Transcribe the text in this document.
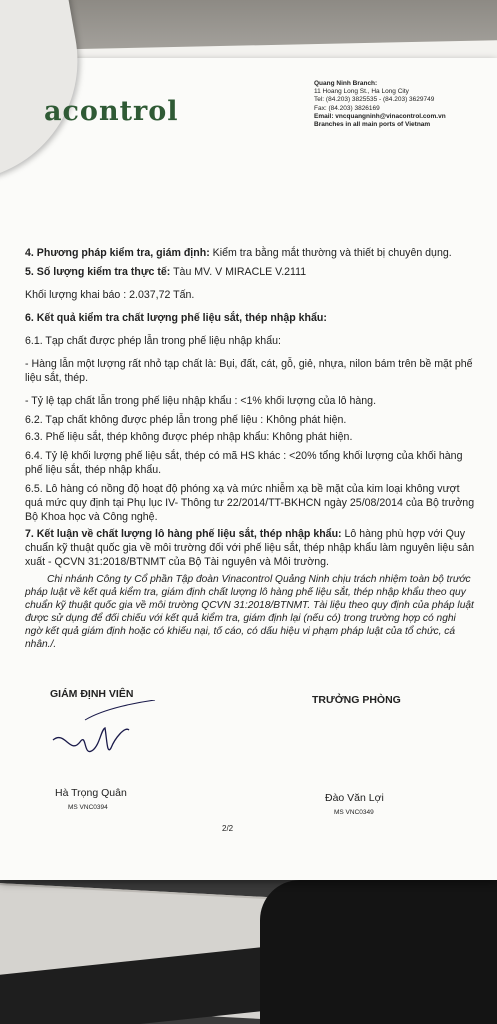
acontrol
Quang Ninh Branch:
11 Hoang Long St., Ha Long City
Tel: (84.203) 3825535 - (84.203) 3629749
Fax: (84.203) 3826169
Email: vncquangninh@vinacontrol.com.vn
Branches in all main ports of Vietnam

4. Phương pháp kiểm tra, giám định: Kiểm tra bằng mắt thường và thiết bị chuyên dụng.

5. Số lượng kiểm tra thực tế: Tàu MV. V MIRACLE V.2111

Khối lượng khai báo : 2.037,72 Tấn.

6. Kết quả kiểm tra chất lượng phế liệu sắt, thép nhập khẩu:

6.1. Tạp chất được phép lẫn trong phế liệu nhập khẩu:

- Hàng lẫn một lượng rất nhỏ tạp chất là: Bụi, đất, cát, gỗ, giẻ, nhựa, nilon bám trên bề mặt phế liệu sắt, thép.

- Tỷ lệ tạp chất lẫn trong phế liệu nhập khẩu : <1% khối lượng của lô hàng.

6.2. Tạp chất không được phép lẫn trong phế liệu : Không phát hiện.

6.3. Phế liệu sắt, thép không được phép nhập khẩu: Không phát hiện.

6.4. Tỷ lệ khối lượng phế liệu sắt, thép có mã HS khác : <20% tổng khối lượng của khối hàng phế liệu sắt, thép nhập khẩu.

6.5. Lô hàng có nồng độ hoạt độ phóng xạ và mức nhiễm xạ bề mặt của kim loại không vượt quá mức quy định tại Phụ lục IV- Thông tư 22/2014/TT-BKHCN ngày 25/08/2014 của Bộ trưởng Bộ Khoa học và Công nghệ.

7. Kết luận về chất lượng lô hàng phế liệu sắt, thép nhập khẩu: Lô hàng phù hợp với Quy chuẩn kỹ thuật quốc gia về môi trường đối với phế liệu sắt, thép nhập khẩu làm nguyên liệu sản xuất - QCVN 31:2018/BTNMT của Bộ Tài nguyên và Môi trường.

Chi nhánh Công ty Cổ phần Tập đoàn Vinacontrol Quảng Ninh chịu trách nhiệm toàn bộ trước pháp luật về kết quả kiểm tra, giám định chất lượng lô hàng phế liệu sắt, thép nhập khẩu theo quy chuẩn kỹ thuật quốc gia về môi trường QCVN 31:2018/BTNMT. Tài liệu theo quy định của pháp luật được sử dụng để đối chiếu với kết quả kiểm tra, giám định lại (nếu có) trong trường hợp có nghi ngờ kết quả giám định hoặc có khiếu nại, tố cáo, có dấu hiệu vi phạm pháp luật của tổ chức, cá nhân./.

GIÁM ĐỊNH VIÊN	TRƯỞNG PHÒNG
Hà Trọng Quân
MS VNC0394
Đào Văn Lợi
MS VNC0349
2/2
